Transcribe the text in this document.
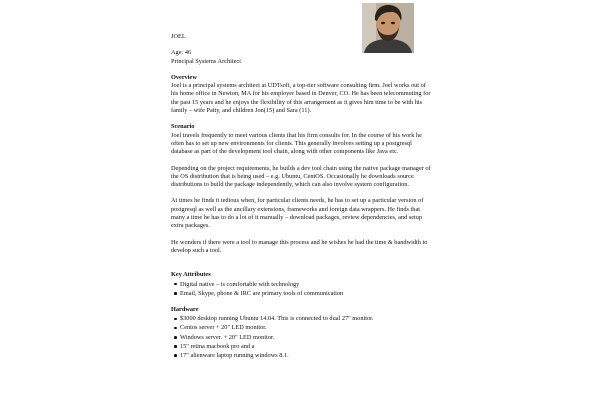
JOEL

Age: 46

Principal Systems Architect

Overview

Joel is a principal systems architect at UDTsoft, a top-tier software consulting firm. Joel works out of his home office in Newton, MA for his employer based in Denver, CO. He has been telecommuting for the past 15 years and he enjoys the flexibility of this arrangement as it gives him time to be with his family – wife Patty, and children Jon(15) and Sara (11).

Scenario

Joel travels frequently to meet various clients that his firm consults for. In the course of his work he often has to set up new environments for clients. This generally involves setting up a postgresql database as part of the development tool chain, along with other components like Java etc.

Depending on the project requirements, he builds a dev tool chain using the native package manager of the OS distribution that is being used – e.g. Ubuntu, CentOS. Occasionally he downloads source distributions to build the package independently, which can also involve system configuration.

At times he finds it tedious when, for particular clients needs, he has to set up a particular version of postgresql as well as the ancillary extensions, frameworks and foreign data wrappers. He finds that many a time he has to do a lot of it manually – download packages, review dependencies, and setup extra packages.

He wonders if there were a tool to manage this process and he wishes he had the time & bandwidth to develop such a tool.

Key Attributes

Digital native – is comfortable with technology
Email, Skype, phone & IRC are primary tools of communication

Hardware

$3000 desktop running Ubuntu 14.04. This is connected to dual 27" monitor.
Centos server + 20" LED monitor.
Windows server. + 20" LED monitor.
15" retina macbook pro and a
17" alienware laptop running windows 8.1.
